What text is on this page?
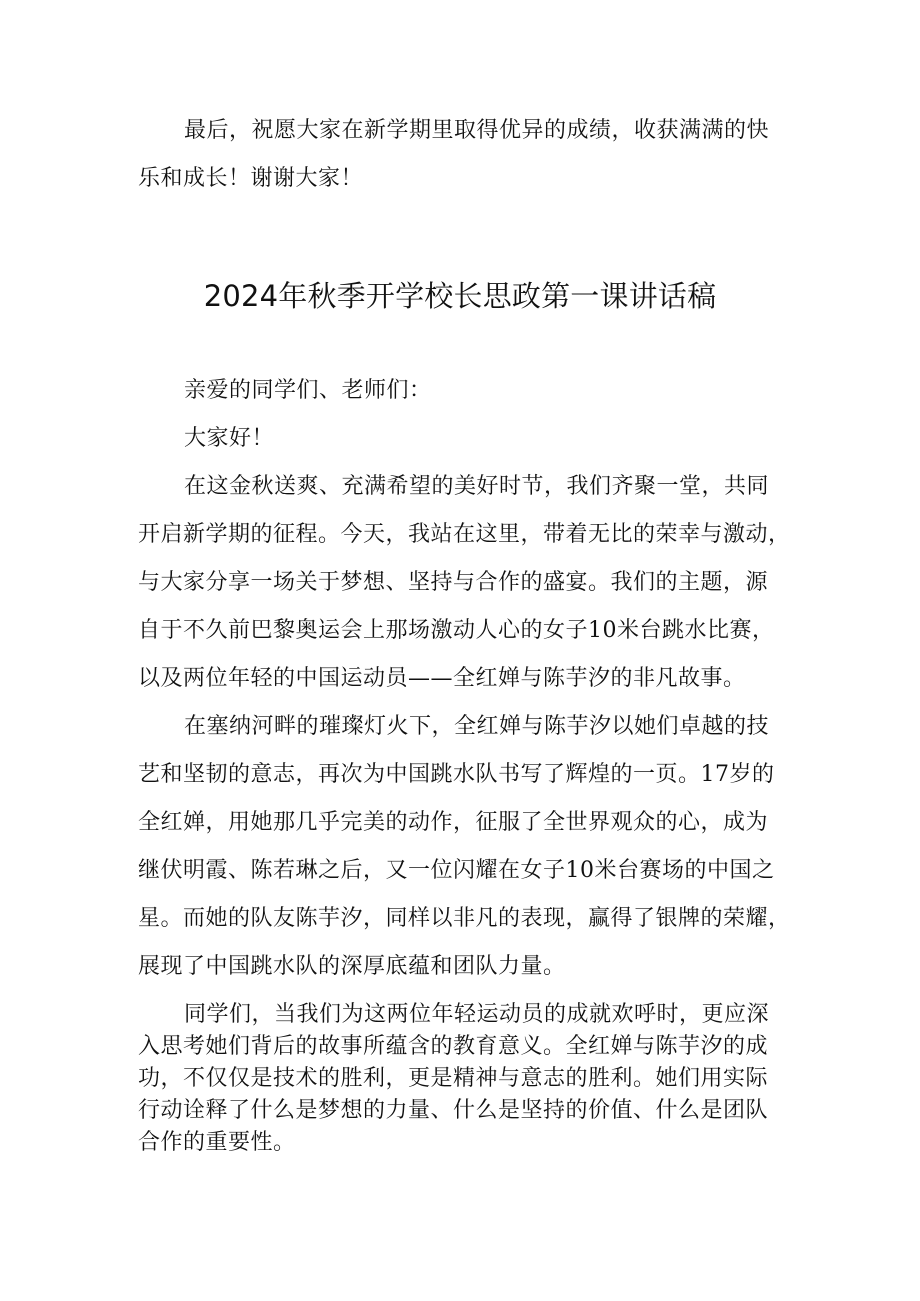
最后，祝愿大家在新学期里取得优异的成绩，收获满满的快
乐和成长！谢谢大家！
2024年秋季开学校长思政第一课讲话稿
亲爱的同学们、老师们：
大家好！
在这金秋送爽、充满希望的美好时节，我们齐聚一堂，共同
开启新学期的征程。今天，我站在这里，带着无比的荣幸与激动，
与大家分享一场关于梦想、坚持与合作的盛宴。我们的主题，源
自于不久前巴黎奥运会上那场激动人心的女子10米台跳水比赛，
以及两位年轻的中国运动员——全红婵与陈芋汐的非凡故事。
在塞纳河畔的璀璨灯火下，全红婵与陈芋汐以她们卓越的技
艺和坚韧的意志，再次为中国跳水队书写了辉煌的一页。17岁的
全红婵，用她那几乎完美的动作，征服了全世界观众的心，成为
继伏明霞、陈若琳之后，又一位闪耀在女子10米台赛场的中国之
星。而她的队友陈芋汐，同样以非凡的表现，赢得了银牌的荣耀，
展现了中国跳水队的深厚底蕴和团队力量。
同学们，当我们为这两位年轻运动员的成就欢呼时，更应深
入思考她们背后的故事所蕴含的教育意义。全红婵与陈芋汐的成
功，不仅仅是技术的胜利，更是精神与意志的胜利。她们用实际
行动诠释了什么是梦想的力量、什么是坚持的价值、什么是团队
合作的重要性。
